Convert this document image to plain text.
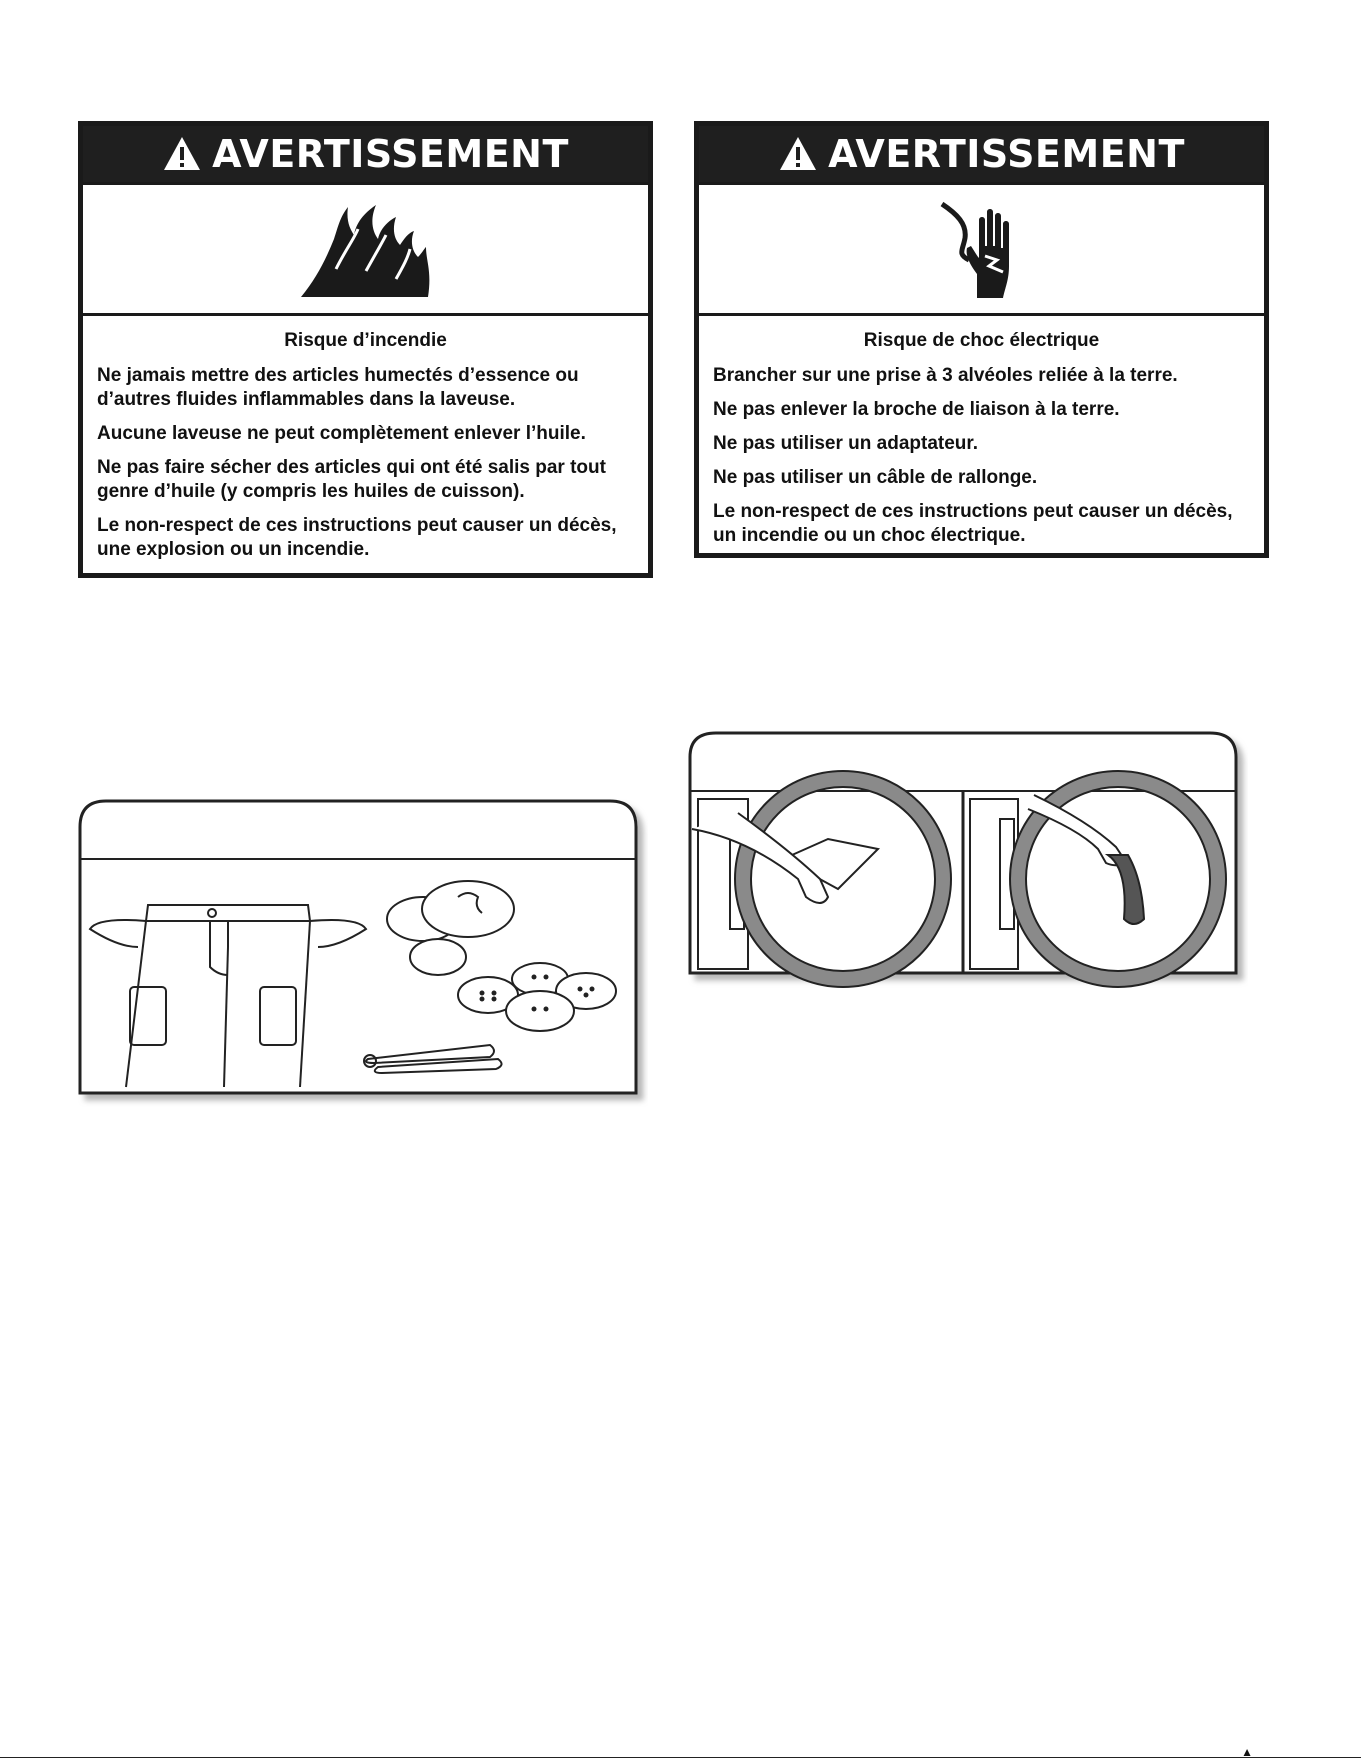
AVERTISSEMENT

Risque d’incendie

Ne jamais mettre des articles humectés d’essence ou d’autres fluides inflammables dans la laveuse.

Aucune laveuse ne peut complètement enlever l’huile.

Ne pas faire sécher des articles qui ont été salis par tout genre d’huile (y compris les huiles de cuisson).

Le non-respect de ces instructions peut causer un décès, une explosion ou un incendie.

AVERTISSEMENT

Risque de choc électrique

Brancher sur une prise à 3 alvéoles reliée à la terre.

Ne pas enlever la broche de liaison à la terre.

Ne pas utiliser un adaptateur.

Ne pas utiliser un câble de rallonge.

Le non-respect de ces instructions peut causer un décès, un incendie ou un choc électrique.

▲
